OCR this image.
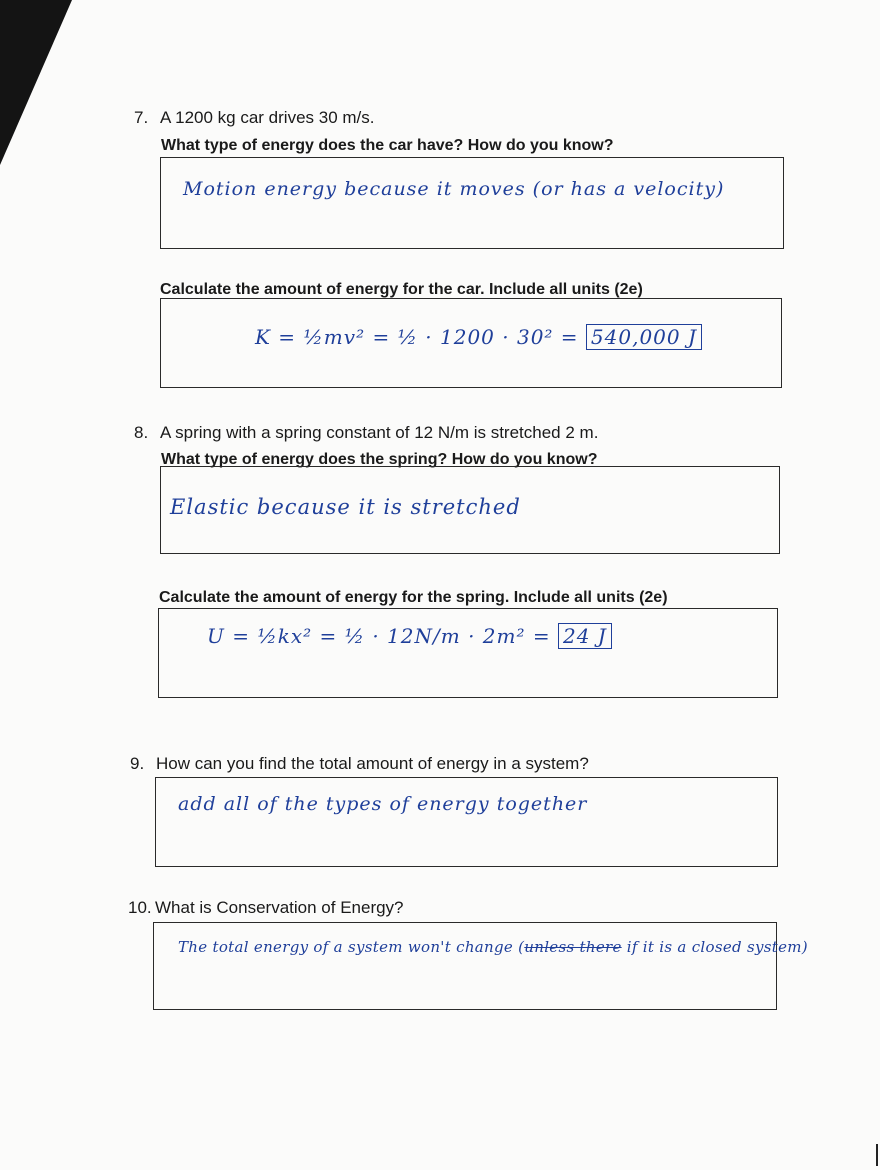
7. A 1200 kg car drives 30 m/s.
What type of energy does the car have? How do you know?
Motion energy because it moves (or has a velocity)
Calculate the amount of energy for the car. Include all units (2e)
K = ½mv² = ½ · 1200 · 30² = 540,000 J
8. A spring with a spring constant of 12 N/m is stretched 2 m.
What type of energy does the spring? How do you know?
Elastic because it is stretched
Calculate the amount of energy for the spring. Include all units (2e)
U = ½kx² = ½ · 12N/m · 2m² = 24 J
9. How can you find the total amount of energy in a system?
add all of the types of energy together
10. What is Conservation of Energy?
The total energy of a system won't change (unless there if it is a closed system)
